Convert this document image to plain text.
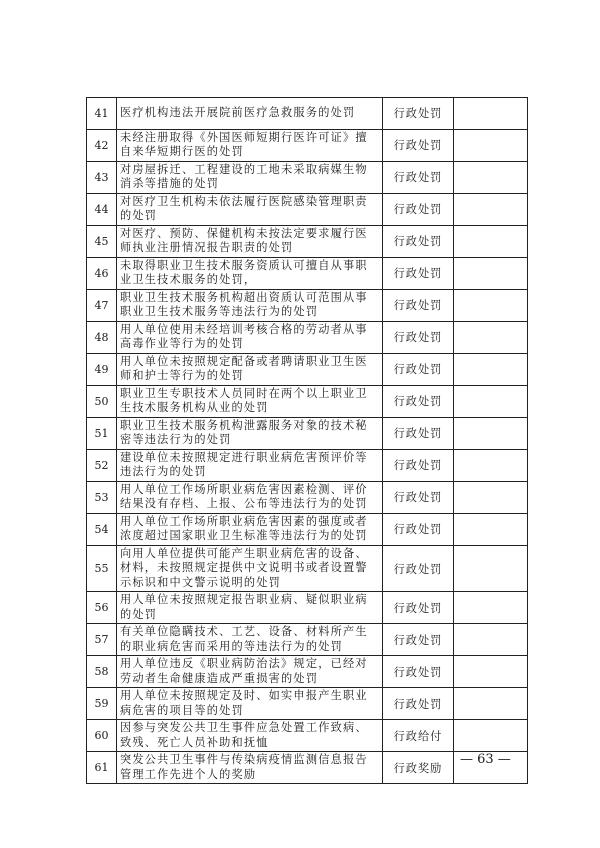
41	医疗机构违法开展院前医疗急救服务的处罚	行政处罚	
42	未经注册取得《外国医师短期行医许可证》擅自来华短期行医的处罚	行政处罚	
43	对房屋拆迁、工程建设的工地未采取病媒生物消杀等措施的处罚	行政处罚	
44	对医疗卫生机构未依法履行医院感染管理职责的处罚	行政处罚	
45	对医疗、预防、保健机构未按法定要求履行医师执业注册情况报告职责的处罚	行政处罚	
46	未取得职业卫生技术服务资质认可擅自从事职业卫生技术服务的处罚，	行政处罚	
47	职业卫生技术服务机构超出资质认可范围从事职业卫生技术服务等违法行为的处罚	行政处罚	
48	用人单位使用未经培训考核合格的劳动者从事高毒作业等行为的处罚	行政处罚	
49	用人单位未按照规定配备或者聘请职业卫生医师和护士等行为的处罚	行政处罚	
50	职业卫生专职技术人员同时在两个以上职业卫生技术服务机构从业的处罚	行政处罚	
51	职业卫生技术服务机构泄露服务对象的技术秘密等违法行为的处罚	行政处罚	
52	建设单位未按照规定进行职业病危害预评价等违法行为的处罚	行政处罚	
53	用人单位工作场所职业病危害因素检测、评价结果没有存档、上报、公布等违法行为的处罚	行政处罚	
54	用人单位工作场所职业病危害因素的强度或者浓度超过国家职业卫生标准等违法行为的处罚	行政处罚	
55	向用人单位提供可能产生职业病危害的设备、材料，未按照规定提供中文说明书或者设置警示标识和中文警示说明的处罚	行政处罚	
56	用人单位未按照规定报告职业病、疑似职业病的处罚	行政处罚	
57	有关单位隐瞒技术、工艺、设备、材料所产生的职业病危害而采用的等违法行为的处罚	行政处罚	
58	用人单位违反《职业病防治法》规定，已经对劳动者生命健康造成严重损害的处罚	行政处罚	
59	用人单位未按照规定及时、如实申报产生职业病危害的项目等的处罚	行政处罚	
60	因参与突发公共卫生事件应急处置工作致病、致残、死亡人员补助和抚恤	行政给付	
61	突发公共卫生事件与传染病疫情监测信息报告管理工作先进个人的奖励	行政奖励	
— 63 —
